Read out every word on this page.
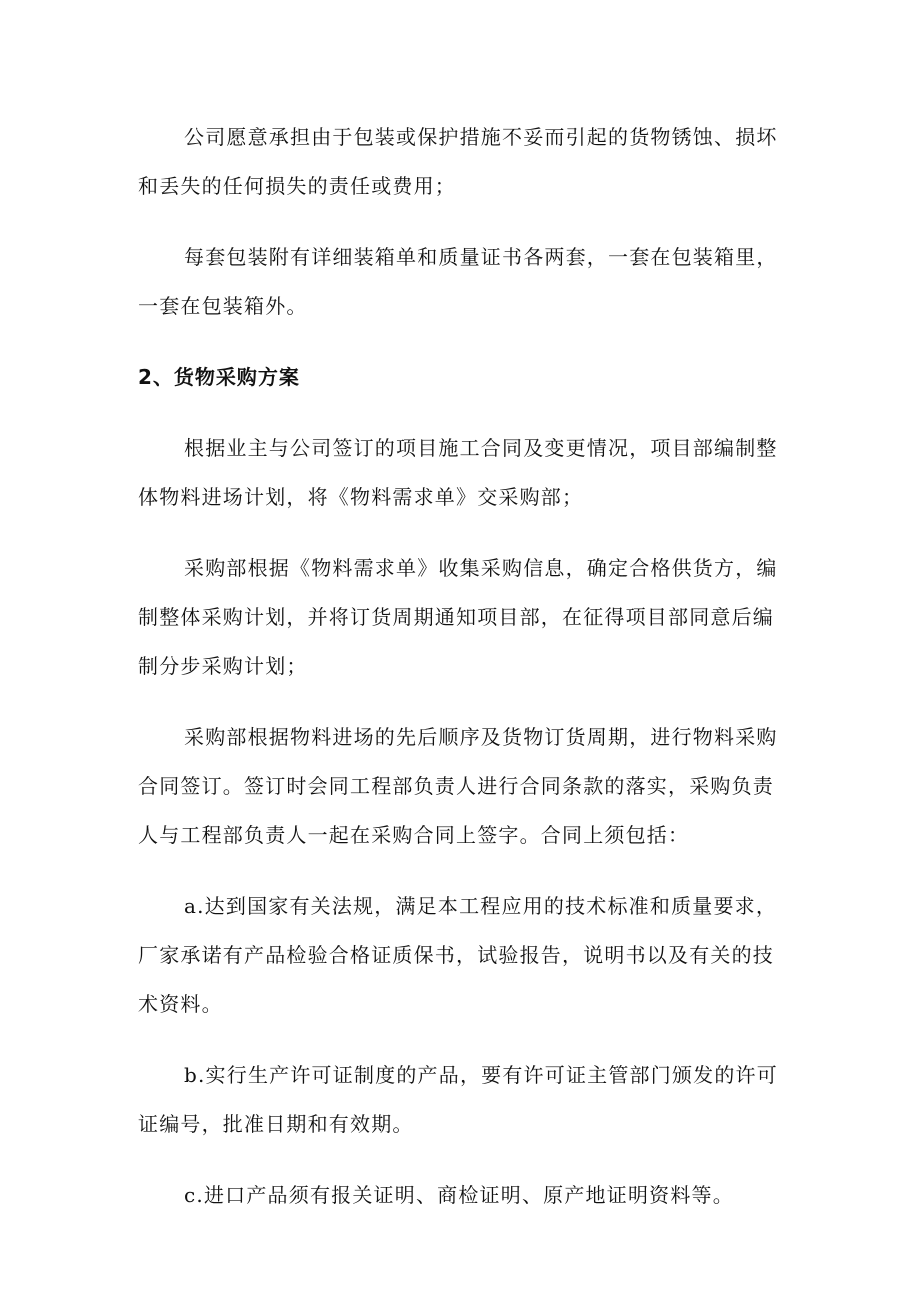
公司愿意承担由于包装或保护措施不妥而引起的货物锈蚀、损坏和丢失的任何损失的责任或费用；

每套包装附有详细装箱单和质量证书各两套，一套在包装箱里，一套在包装箱外。

2、货物采购方案

根据业主与公司签订的项目施工合同及变更情况，项目部编制整体物料进场计划，将《物料需求单》交采购部；

采购部根据《物料需求单》收集采购信息，确定合格供货方，编制整体采购计划，并将订货周期通知项目部，在征得项目部同意后编制分步采购计划；

采购部根据物料进场的先后顺序及货物订货周期，进行物料采购合同签订。签订时会同工程部负责人进行合同条款的落实，采购负责人与工程部负责人一起在采购合同上签字。合同上须包括：

a.达到国家有关法规，满足本工程应用的技术标准和质量要求，厂家承诺有产品检验合格证质保书，试验报告，说明书以及有关的技术资料。

b.实行生产许可证制度的产品，要有许可证主管部门颁发的许可证编号，批准日期和有效期。

c.进口产品须有报关证明、商检证明、原产地证明资料等。
